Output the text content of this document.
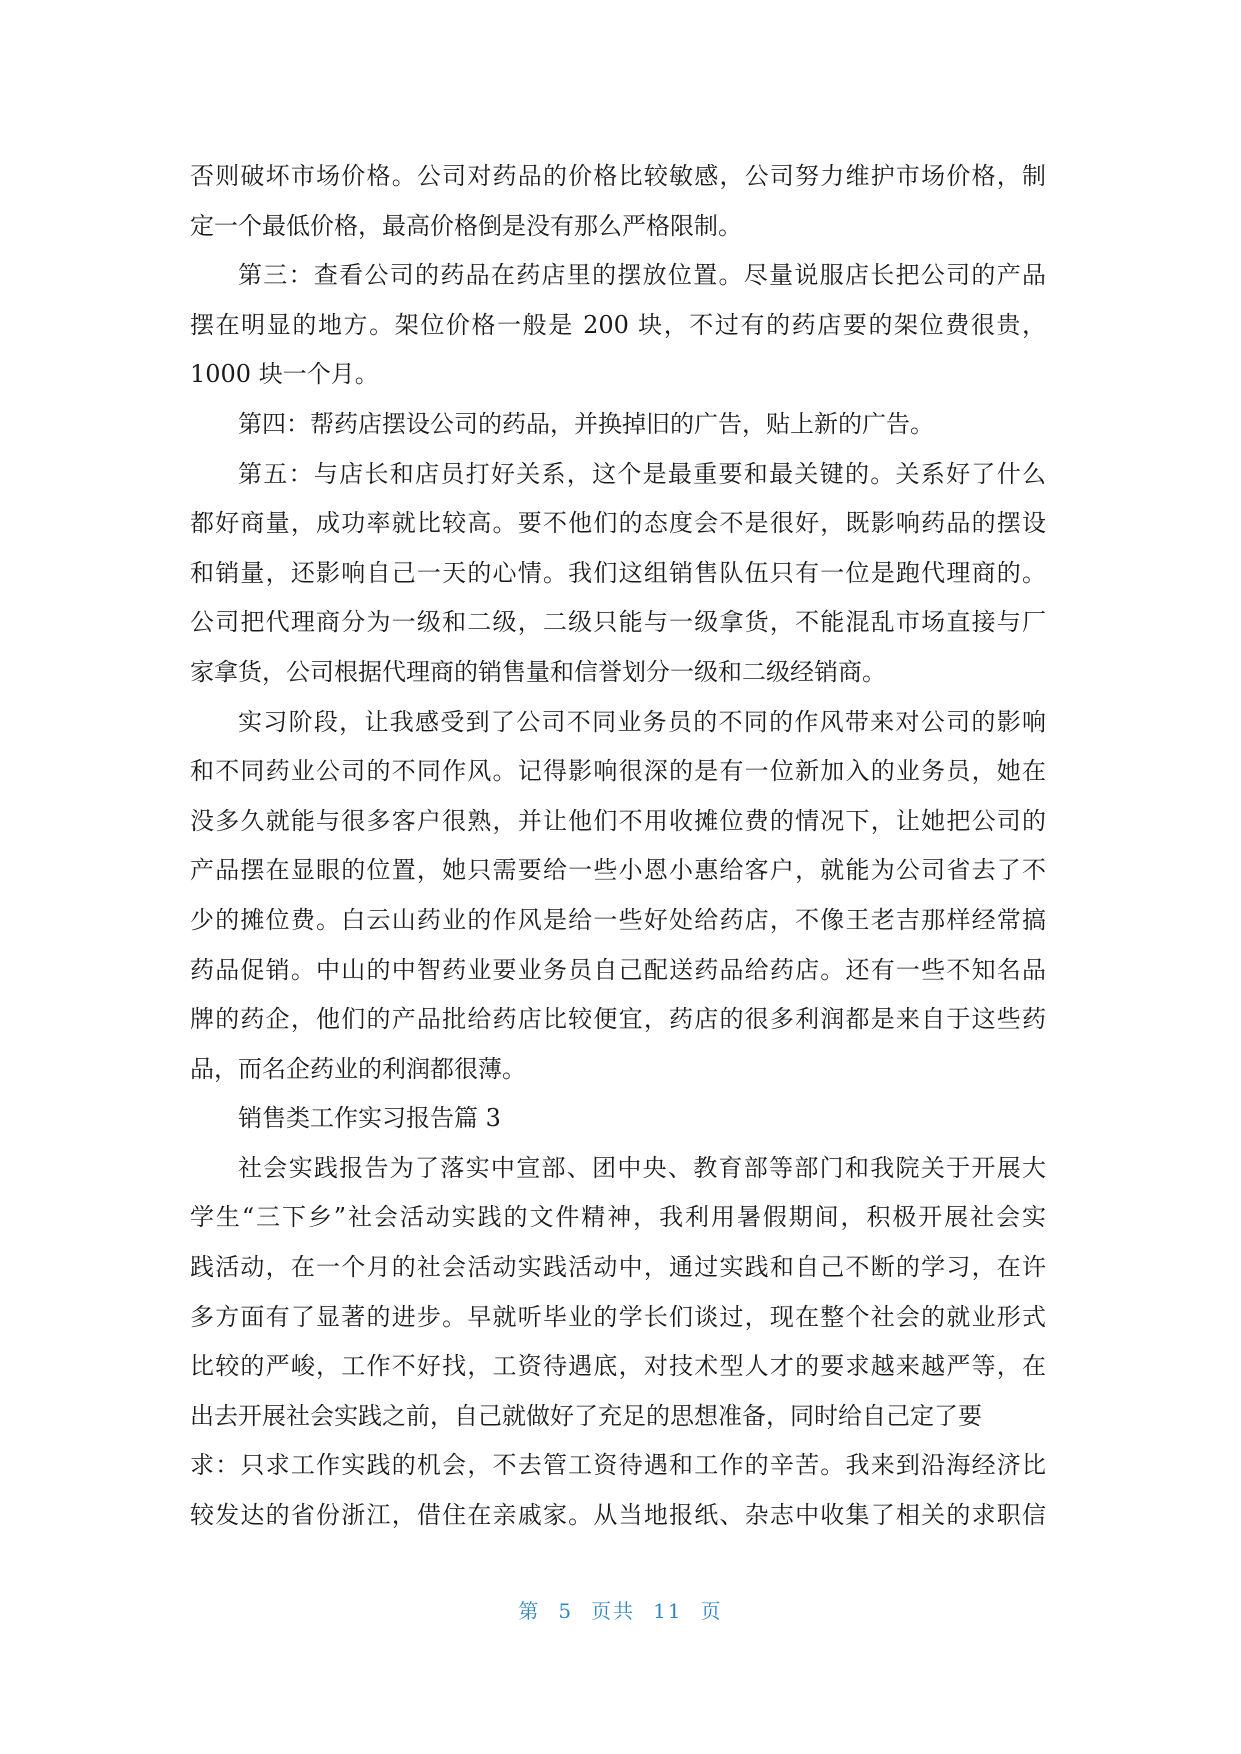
否则破坏市场价格。公司对药品的价格比较敏感，公司努力维护市场价格，制
定一个最低价格，最高价格倒是没有那么严格限制。
第三：查看公司的药品在药店里的摆放位置。尽量说服店长把公司的产品
摆在明显的地方。架位价格一般是 200 块，不过有的药店要的架位费很贵，
1000 块一个月。
第四：帮药店摆设公司的药品，并换掉旧的广告，贴上新的广告。
第五：与店长和店员打好关系，这个是最重要和最关键的。关系好了什么
都好商量，成功率就比较高。要不他们的态度会不是很好，既影响药品的摆设
和销量，还影响自己一天的心情。我们这组销售队伍只有一位是跑代理商的。
公司把代理商分为一级和二级，二级只能与一级拿货，不能混乱市场直接与厂
家拿货，公司根据代理商的销售量和信誉划分一级和二级经销商。
实习阶段，让我感受到了公司不同业务员的不同的作风带来对公司的影响
和不同药业公司的不同作风。记得影响很深的是有一位新加入的业务员，她在
没多久就能与很多客户很熟，并让他们不用收摊位费的情况下，让她把公司的
产品摆在显眼的位置，她只需要给一些小恩小惠给客户，就能为公司省去了不
少的摊位费。白云山药业的作风是给一些好处给药店，不像王老吉那样经常搞
药品促销。中山的中智药业要业务员自己配送药品给药店。还有一些不知名品
牌的药企，他们的产品批给药店比较便宜，药店的很多利润都是来自于这些药
品，而名企药业的利润都很薄。
销售类工作实习报告篇 3
社会实践报告为了落实中宣部、团中央、教育部等部门和我院关于开展大
学生“三下乡”社会活动实践的文件精神，我利用暑假期间，积极开展社会实
践活动，在一个月的社会活动实践活动中，通过实践和自己不断的学习，在许
多方面有了显著的进步。早就听毕业的学长们谈过，现在整个社会的就业形式
比较的严峻，工作不好找，工资待遇底，对技术型人才的要求越来越严等，在
出去开展社会实践之前，自己就做好了充足的思想准备，同时给自己定了要
求：只求工作实践的机会，不去管工资待遇和工作的辛苦。我来到沿海经济比
较发达的省份浙江，借住在亲戚家。从当地报纸、杂志中收集了相关的求职信
第 5 页共 11 页
